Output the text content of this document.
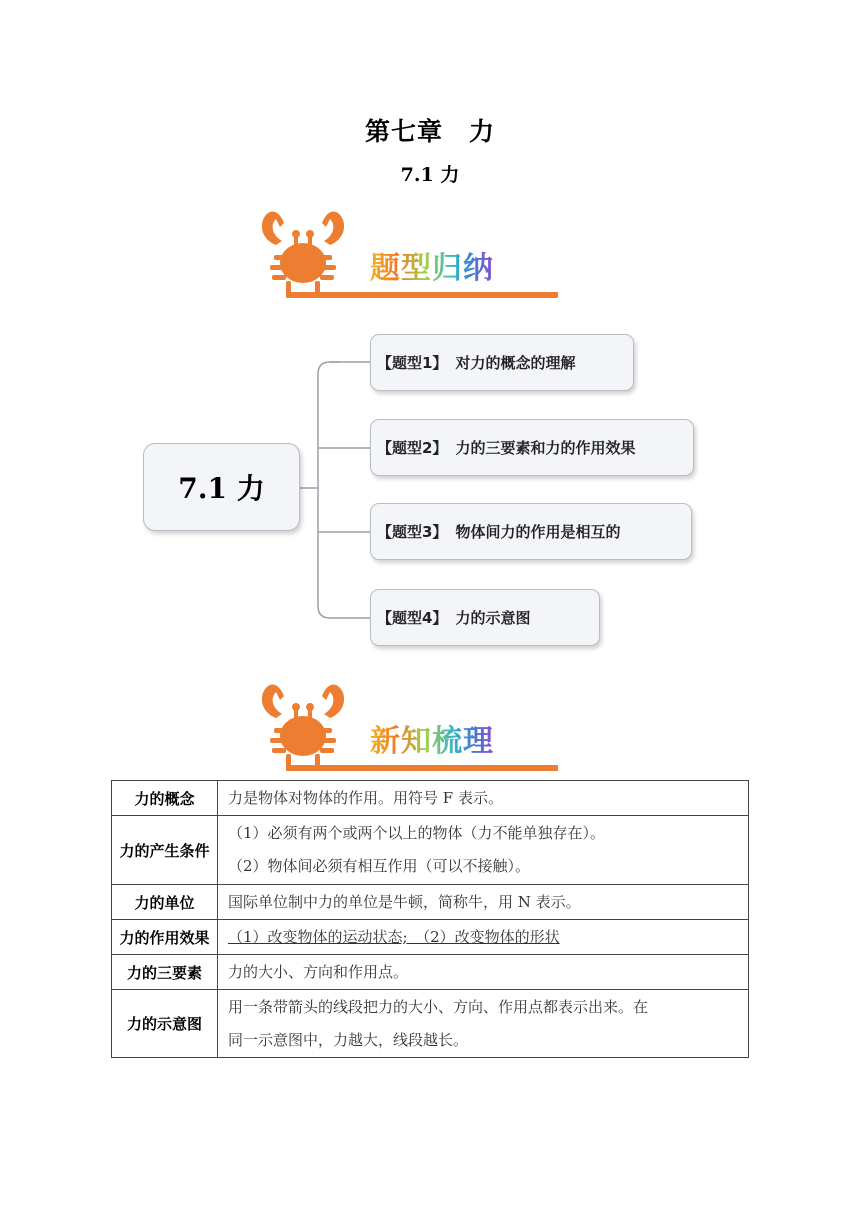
第七章　力
7.1 力
题型归纳
7.1 力
【题型1】 对力的概念的理解
【题型2】 力的三要素和力的作用效果
【题型3】 物体间力的作用是相互的
【题型4】 力的示意图
新知梳理
力的概念	力是物体对物体的作用。用符号 F 表示。

力的产生条件	（1）必须有两个或两个以上的物体（力不能单独存在）。
（2）物体间必须有相互作用（可以不接触）。

力的单位	国际单位制中力的单位是牛顿，简称牛，用 N 表示。

力的作用效果	（1）改变物体的运动状态;　（2）改变物体的形状

力的三要素	力的大小、方向和作用点。

力的示意图	用一条带箭头的线段把力的大小、方向、作用点都表示出来。在
同一示意图中，力越大，线段越长。
